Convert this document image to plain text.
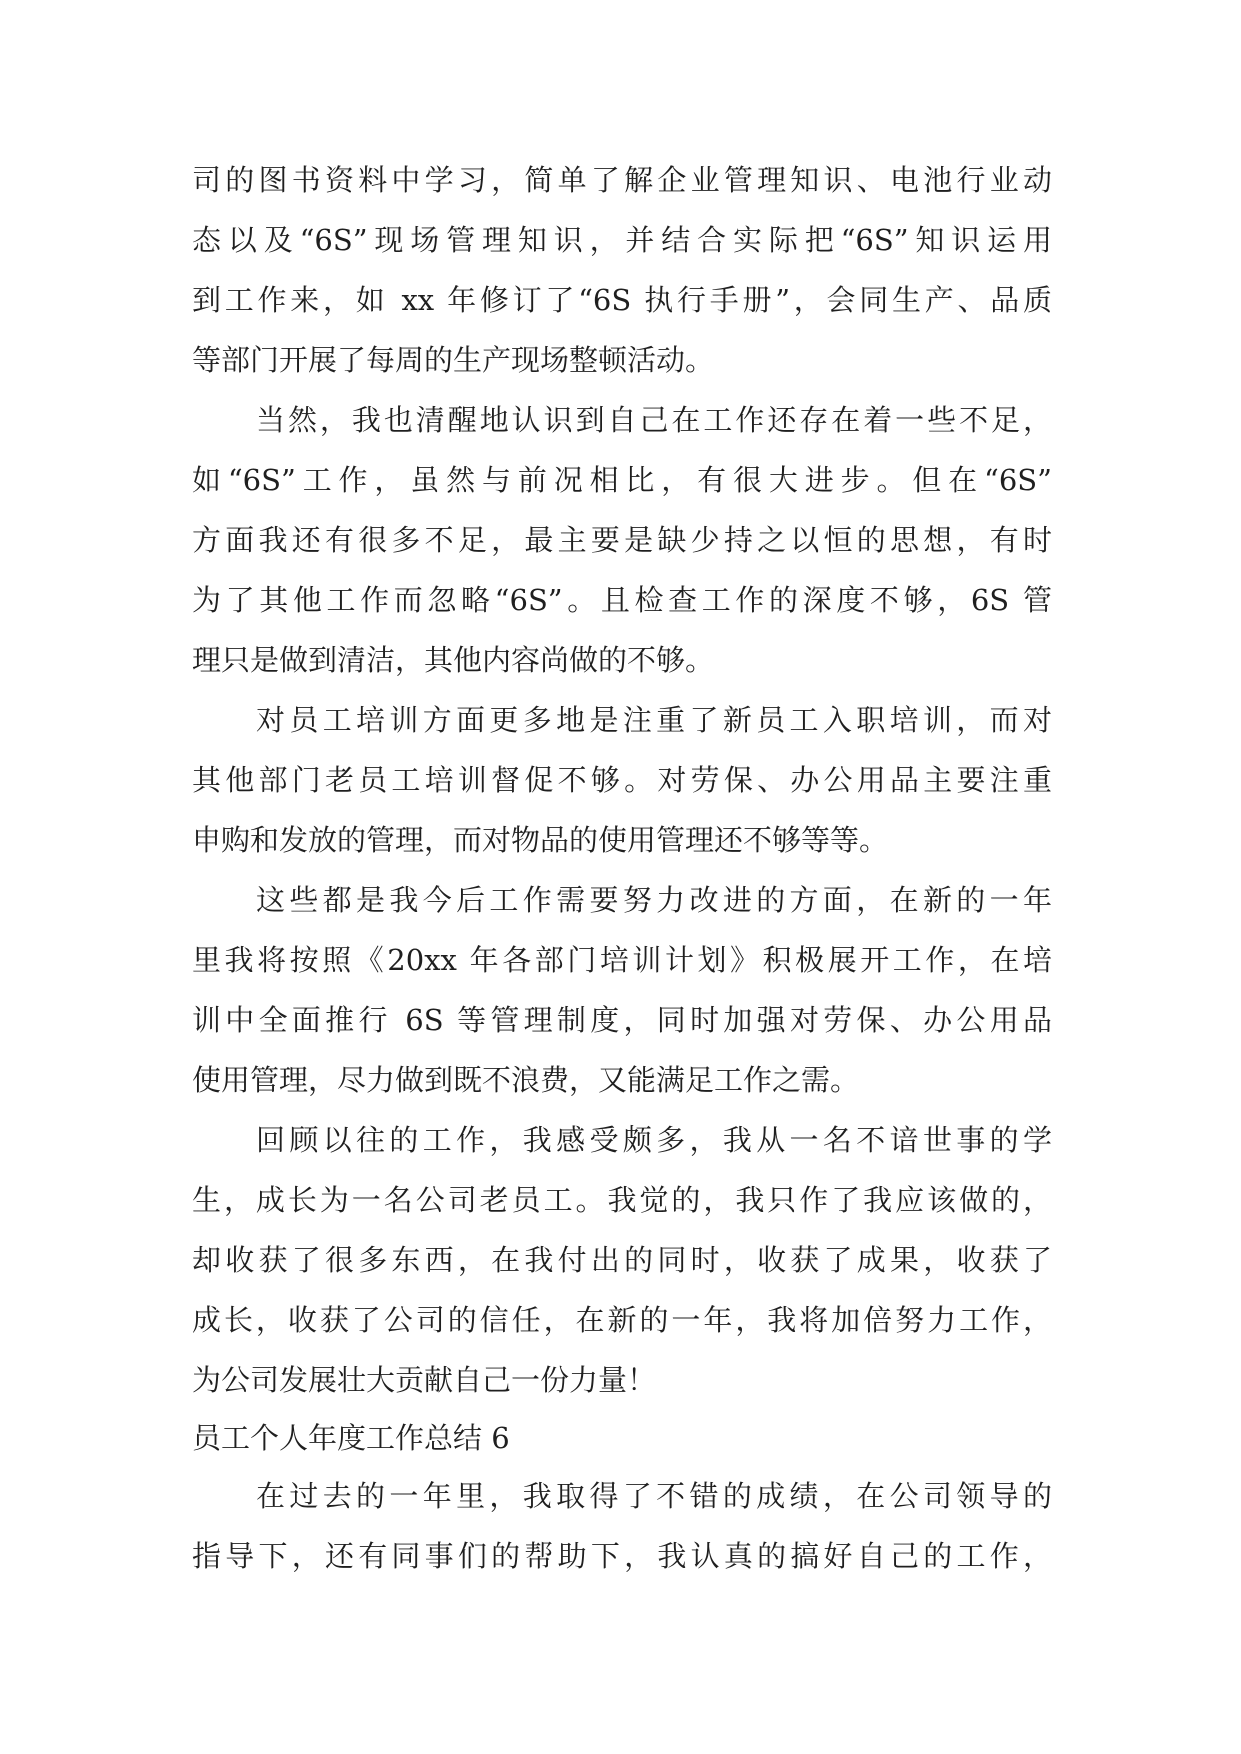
司的图书资料中学习，简单了解企业管理知识、电池行业动
态以及“6S”现场管理知识，并结合实际把“6S”知识运用
到工作来，如 xx 年修订了“6S 执行手册”，会同生产、品质
等部门开展了每周的生产现场整顿活动。
当然，我也清醒地认识到自己在工作还存在着一些不足，
如“6S”工作，虽然与前况相比，有很大进步。但在“6S”
方面我还有很多不足，最主要是缺少持之以恒的思想，有时
为了其他工作而忽略“6S”。且检查工作的深度不够，6S 管
理只是做到清洁，其他内容尚做的不够。
对员工培训方面更多地是注重了新员工入职培训，而对
其他部门老员工培训督促不够。对劳保、办公用品主要注重
申购和发放的管理，而对物品的使用管理还不够等等。
这些都是我今后工作需要努力改进的方面，在新的一年
里我将按照《20xx 年各部门培训计划》积极展开工作，在培
训中全面推行 6S 等管理制度，同时加强对劳保、办公用品
使用管理，尽力做到既不浪费，又能满足工作之需。
回顾以往的工作，我感受颇多，我从一名不谙世事的学
生，成长为一名公司老员工。我觉的，我只作了我应该做的，
却收获了很多东西，在我付出的同时，收获了成果，收获了
成长，收获了公司的信任，在新的一年，我将加倍努力工作，
为公司发展壮大贡献自己一份力量！
员工个人年度工作总结 6
在过去的一年里，我取得了不错的成绩，在公司领导的
指导下，还有同事们的帮助下，我认真的搞好自己的工作，
